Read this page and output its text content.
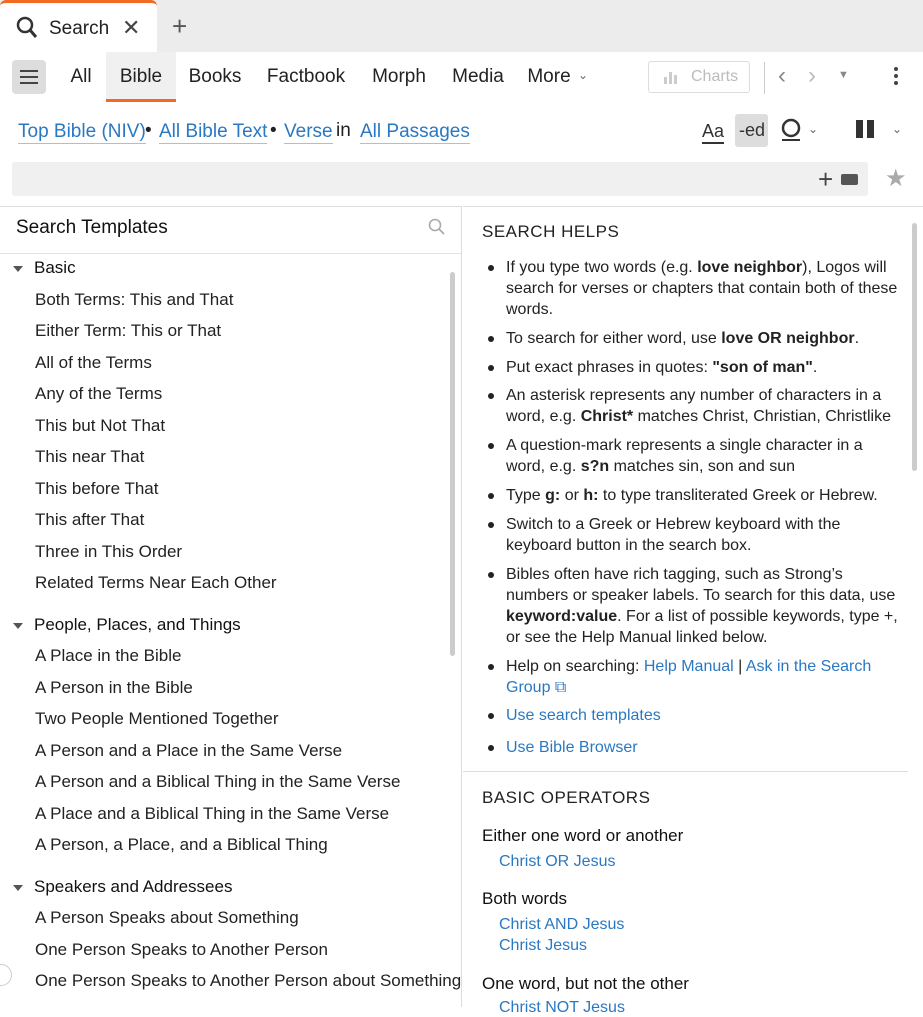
Search ✕ +
All	Bible	Books	Factbook	Morph	Media	More ⌄	Charts	‹ › ▼
Top Bible (NIV) • All Bible Text • Verse in All Passages	Aa -ed	⌄	⌄
+ ★
Search Templates
Basic
Both Terms: This and That
Either Term: This or That
All of the Terms
Any of the Terms
This but Not That
This near That
This before That
This after That
Three in This Order
Related Terms Near Each Other
People, Places, and Things
A Place in the Bible
A Person in the Bible
Two People Mentioned Together
A Person and a Place in the Same Verse
A Person and a Biblical Thing in the Same Verse
A Place and a Biblical Thing in the Same Verse
A Person, a Place, and a Biblical Thing
Speakers and Addressees
A Person Speaks about Something
One Person Speaks to Another Person
One Person Speaks to Another Person about Something
SEARCH HELPS
If you type two words (e.g. love neighbor), Logos will search for verses or chapters that contain both of these words.
To search for either word, use love OR neighbor.
Put exact phrases in quotes: "son of man".
An asterisk represents any number of characters in a word, e.g. Christ* matches Christ, Christian, Christlike
A question-mark represents a single character in a word, e.g. s?n matches sin, son and sun
Type g: or h: to type transliterated Greek or Hebrew.
Switch to a Greek or Hebrew keyboard with the keyboard button in the search box.
Bibles often have rich tagging, such as Strong’s numbers or speaker labels. To search for this data, use keyword:value. For a list of possible keywords, type +, or see the Help Manual linked below.
Help on searching: Help Manual | Ask in the Search Group ⧉
Use search templates
Use Bible Browser
BASIC OPERATORS
Either one word or another
Christ OR Jesus
Both words
Christ AND Jesus
Christ Jesus
One word, but not the other
Christ NOT Jesus
